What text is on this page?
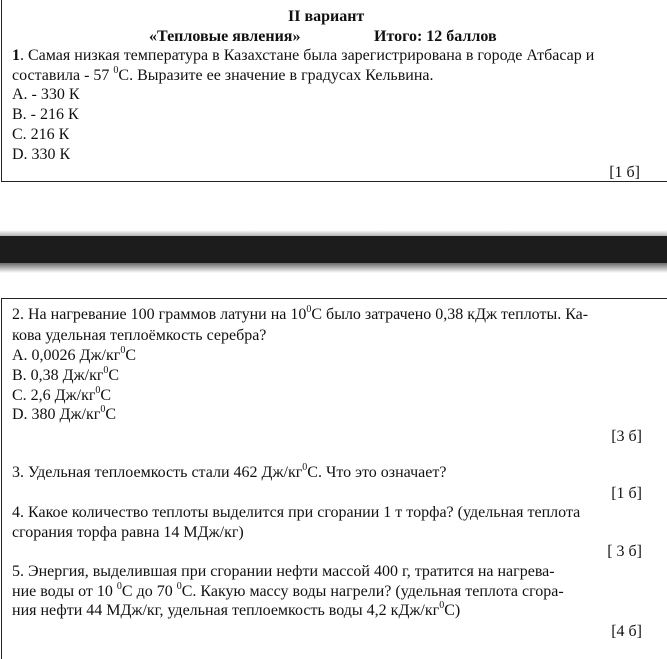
II вариант
«Тепловые явления»	Итого: 12 баллов
1. Самая низкая температура в Казахстане была зарегистрирована в городе Атбасар и
составила - 57 $^0$С. Выразите ее значение в градусах Кельвина.
A. - 330 К
B. - 216 К
C. 216 К
D. 330 К
[1 б]
2. На нагревание 100 граммов латуни на $10^0С$ было затрачено 0,38 кДж теплоты. Ка-
кова удельная теплоёмкость серебра?
A. 0,0026 $Дж/кг^0С$
B. 0,38 $Дж/кг^0С$
C. 2,6 $Дж/кг^0С$
D. 380 $Дж/кг^0С$
[3 б]
3. Удельная теплоемкость стали 462 $Дж/кг^0С$. Что это означает?
[1 б]
4. Какое количество теплоты выделится при сгорании 1 т торфа? (удельная теплота
сгорания торфа равна 14 МДж/кг)
[ 3 б]
5. Энергия, выделившая при сгорании нефти массой 400 г, тратится на нагрева-
ние воды от 10 $^0$С до 70 $^0$С. Какую массу воды нагрели? (удельная теплота сгора-
ния нефти 44 МДж/кг, удельная теплоемкость воды 4,2 кДж/$кг^0С$)
[4 б]
